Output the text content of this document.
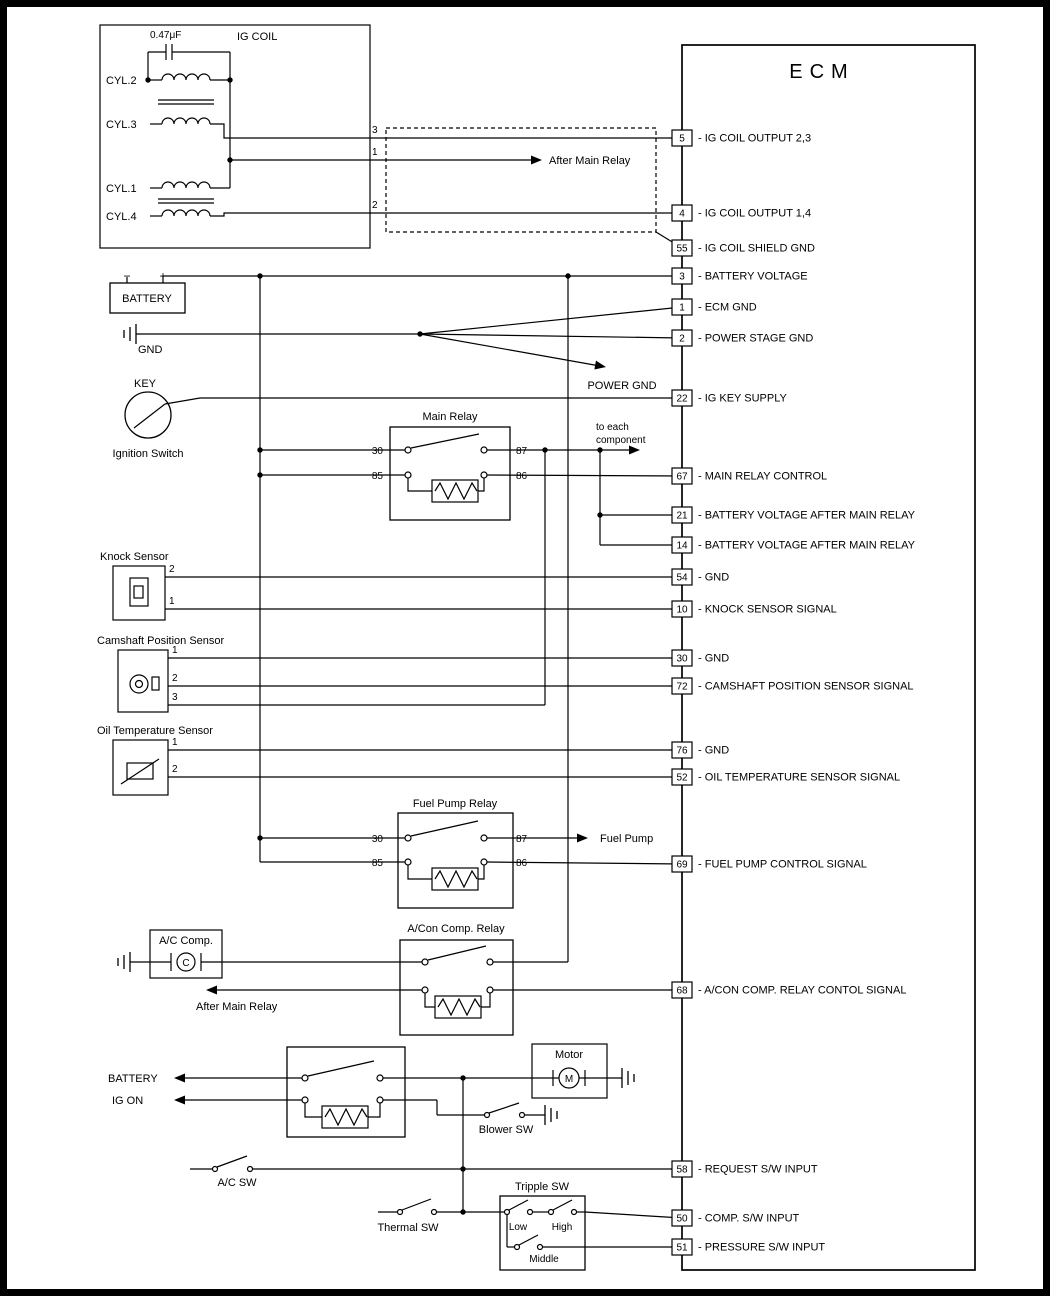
0.47μF	IG COIL
CYL.2
CYL.3
CYL.1
CYL.4
3
1
2
After Main Relay
BATTERY
− +
GND
POWER GND
KEY
Ignition Switch
Main Relay
30
85
87
86
to each
component
Knock Sensor
2
1
Camshaft Position Sensor
1
2
3
Oil Temperature Sensor
1
2
Fuel Pump Relay
30
85
87
86
Fuel Pump
A/C Comp.
C
A/Con Comp. Relay
After Main Relay
BATTERY
IG ON
Motor
M
Blower SW
A/C SW
Thermal SW
Tripple SW
Low High
Middle
ECM
5 - IG COIL OUTPUT 2,3
4 - IG COIL OUTPUT 1,4
55 - IG COIL SHIELD GND
3 - BATTERY VOLTAGE
1 - ECM GND
2 - POWER STAGE GND
22 - IG KEY SUPPLY
67 - MAIN RELAY CONTROL
21 - BATTERY VOLTAGE AFTER MAIN RELAY
14 - BATTERY VOLTAGE AFTER MAIN RELAY
54 - GND
10 - KNOCK SENSOR SIGNAL
30 - GND
72 - CAMSHAFT POSITION SENSOR SIGNAL
76 - GND
52 - OIL TEMPERATURE SENSOR SIGNAL
69 - FUEL PUMP CONTROL SIGNAL
68 - A/CON COMP. RELAY CONTOL SIGNAL
58 - REQUEST S/W INPUT
50 - COMP. S/W INPUT
51 - PRESSURE S/W INPUT
